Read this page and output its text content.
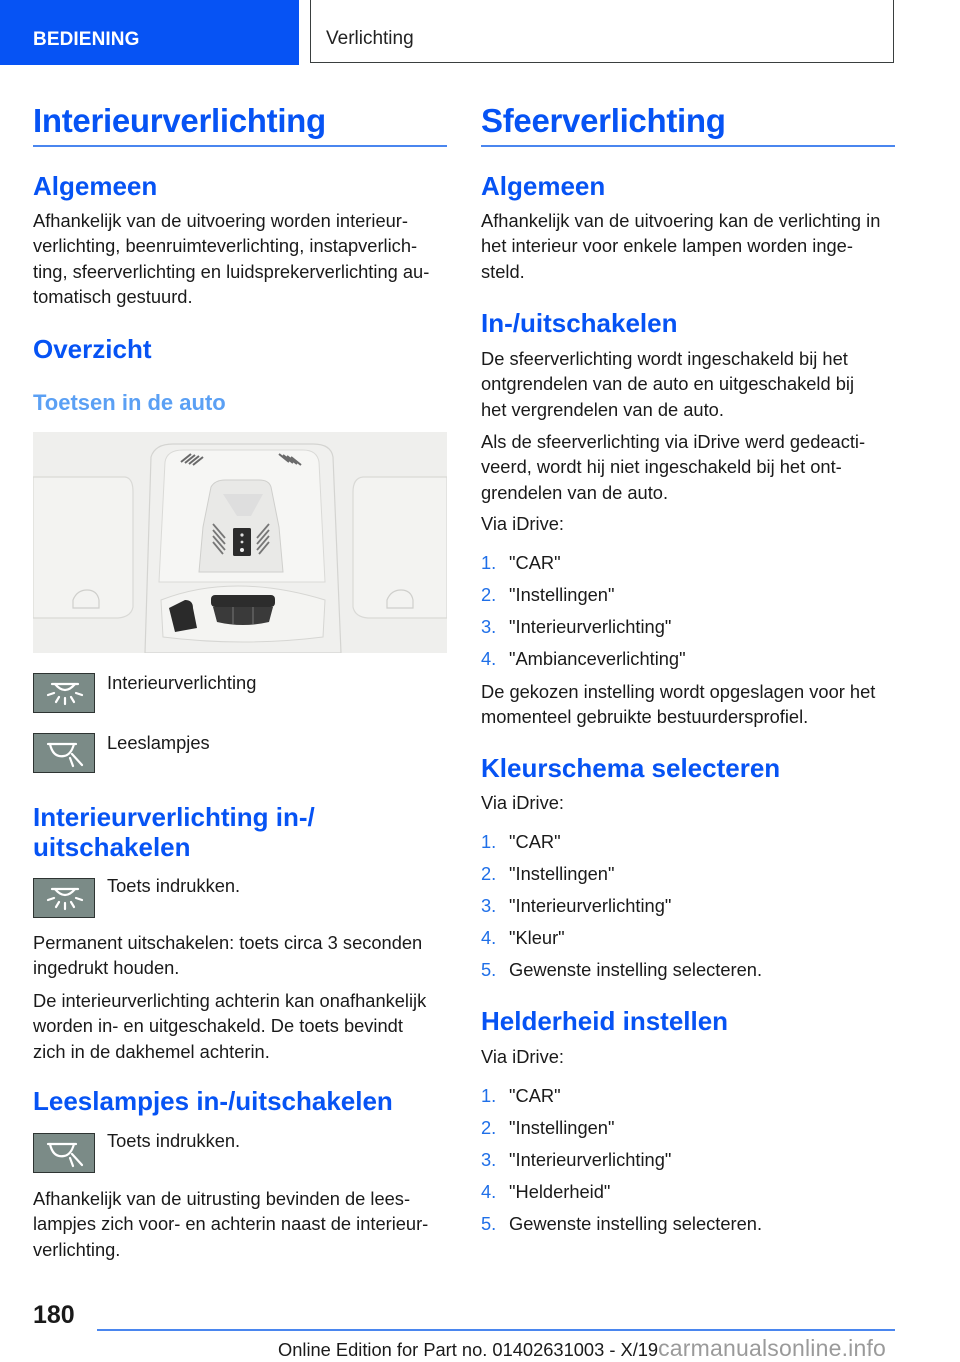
BEDIENING	Verlichting
Interieurverlichting
Algemeen

Afhankelijk van de uitvoering worden interieur-
verlichting, beenruimteverlichting, instapverlich-
ting, sfeerverlichting en luidsprekerverlichting au-
tomatisch gestuurd.

Overzicht
Toetsen in de auto
Interieurverlichting
Leeslampjes
Interieurverlichting in-/
uitschakelen
Toets indrukken.

Permanent uitschakelen: toets circa 3 seconden
ingedrukt houden.

De interieurverlichting achterin kan onafhankelijk
worden in- en uitgeschakeld. De toets bevindt
zich in de dakhemel achterin.

Leeslampjes in-/uitschakelen
Toets indrukken.

Afhankelijk van de uitrusting bevinden de lees-
lampjes zich voor- en achterin naast de interieur-
verlichting.

Sfeerverlichting
Algemeen

Afhankelijk van de uitvoering kan de verlichting in
het interieur voor enkele lampen worden inge-
steld.

In-/uitschakelen

De sfeerverlichting wordt ingeschakeld bij het
ontgrendelen van de auto en uitgeschakeld bij
het vergrendelen van de auto.

Als de sfeerverlichting via iDrive werd gedeacti-
veerd, wordt hij niet ingeschakeld bij het ont-
grendelen van de auto.

Via iDrive:

1. "CAR"
2. "Instellingen"
3. "Interieurverlichting"
4. "Ambianceverlichting"

De gekozen instelling wordt opgeslagen voor het
momenteel gebruikte bestuurdersprofiel.

Kleurschema selecteren

Via iDrive:

1. "CAR"
2. "Instellingen"
3. "Interieurverlichting"
4. "Kleur"
5. Gewenste instelling selecteren.
Helderheid instellen

Via iDrive:

1. "CAR"
2. "Instellingen"
3. "Interieurverlichting"
4. "Helderheid"
5. Gewenste instelling selecteren.
180
Online Edition for Part no. 01402631003 - X/19carmanualsonline.info
